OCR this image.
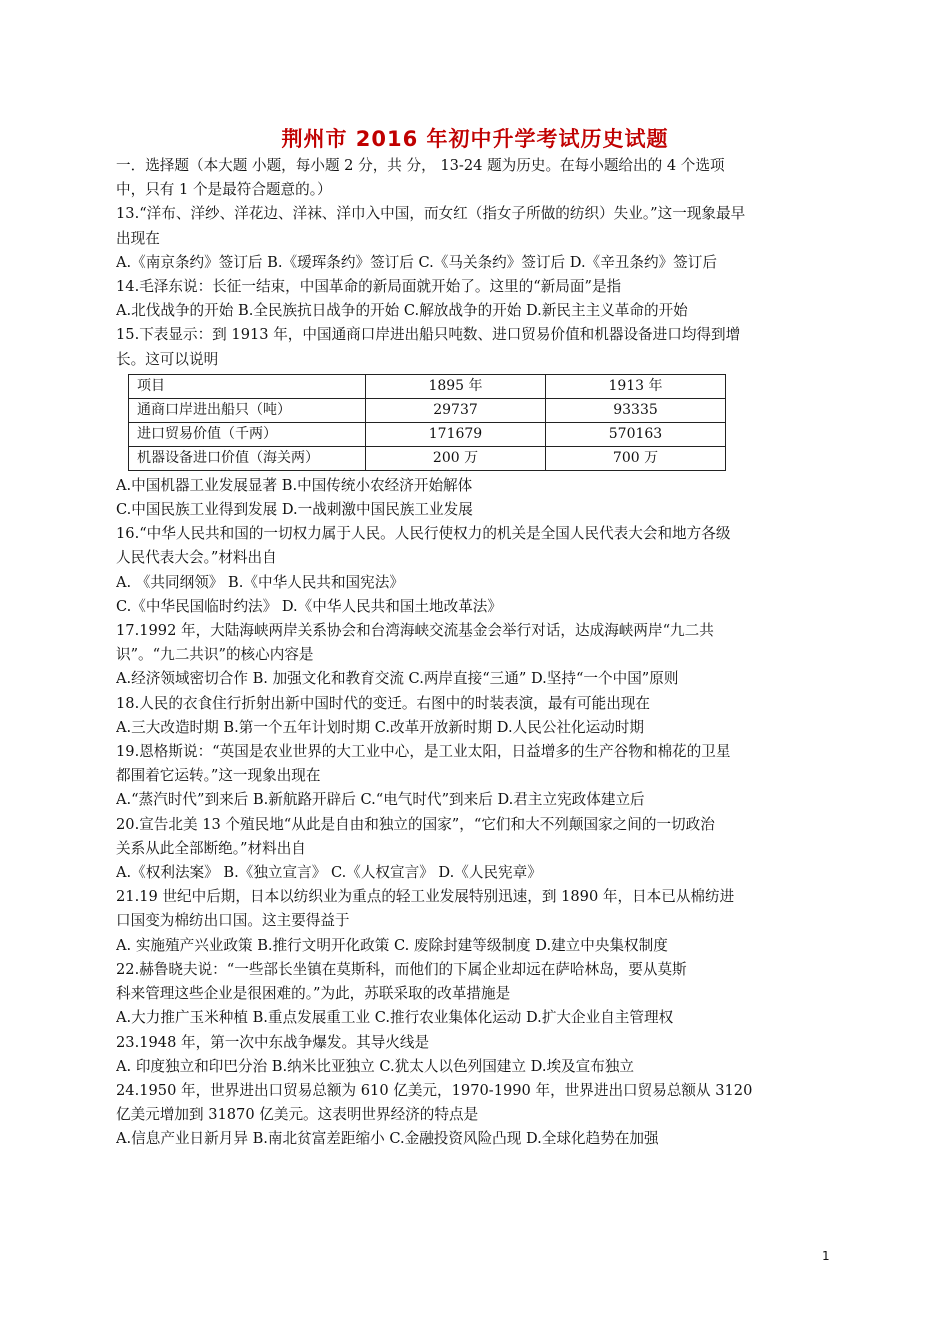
荆州市 2016 年初中升学考试历史试题
一．选择题（本大题 小题，每小题 2 分，共 分， 13-24 题为历史。在每小题给出的 4 个选项
中，只有 1 个是最符合题意的。）
13.“洋布、洋纱、洋花边、洋袜、洋巾入中国，而女红（指女子所做的纺织）失业。”这一现象最早
出现在
A.《南京条约》签订后 B.《瑷珲条约》签订后 C.《马关条约》签订后 D.《辛丑条约》签订后
14.毛泽东说：长征一结束，中国革命的新局面就开始了。这里的“新局面”是指
A.北伐战争的开始 B.全民族抗日战争的开始 C.解放战争的开始 D.新民主主义革命的开始
15.下表显示：到 1913 年，中国通商口岸进出船只吨数、进口贸易价值和机器设备进口均得到增
长。这可以说明
项目	1895 年	1913 年
通商口岸进出船只（吨）	29737	93335
进口贸易价值（千两）	171679	570163
机器设备进口价值（海关两）	200 万	700 万
A.中国机器工业发展显著 B.中国传统小农经济开始解体
C.中国民族工业得到发展 D.一战刺激中国民族工业发展
16.“中华人民共和国的一切权力属于人民。人民行使权力的机关是全国人民代表大会和地方各级
人民代表大会。”材料出自
A. 《共同纲领》 B.《中华人民共和国宪法》
C.《中华民国临时约法》 D.《中华人民共和国土地改革法》
17.1992 年，大陆海峡两岸关系协会和台湾海峡交流基金会举行对话，达成海峡两岸“九二共
识”。“九二共识”的核心内容是
A.经济领域密切合作 B. 加强文化和教育交流 C.两岸直接“三通” D.坚持“一个中国”原则
18.人民的衣食住行折射出新中国时代的变迁。右图中的时装表演，最有可能出现在
A.三大改造时期 B.第一个五年计划时期 C.改革开放新时期 D.人民公社化运动时期
19.恩格斯说：“英国是农业世界的大工业中心，是工业太阳，日益增多的生产谷物和棉花的卫星
都围着它运转。”这一现象出现在
A.“蒸汽时代”到来后 B.新航路开辟后 C.“电气时代”到来后 D.君主立宪政体建立后
20.宣告北美 13 个殖民地“从此是自由和独立的国家”，“它们和大不列颠国家之间的一切政治
关系从此全部断绝。”材料出自
A.《权利法案》 B.《独立宣言》 C.《人权宣言》 D.《人民宪章》
21.19 世纪中后期，日本以纺织业为重点的轻工业发展特别迅速，到 1890 年，日本已从棉纺进
口国变为棉纺出口国。这主要得益于
A. 实施殖产兴业政策 B.推行文明开化政策 C. 废除封建等级制度 D.建立中央集权制度
22.赫鲁晓夫说：“一些部长坐镇在莫斯科，而他们的下属企业却远在萨哈林岛，要从莫斯
科来管理这些企业是很困难的。”为此，苏联采取的改革措施是
A.大力推广玉米种植 B.重点发展重工业 C.推行农业集体化运动 D.扩大企业自主管理权
23.1948 年，第一次中东战争爆发。其导火线是
A. 印度独立和印巴分治 B.纳米比亚独立 C.犹太人以色列国建立 D.埃及宣布独立
24.1950 年，世界进出口贸易总额为 610 亿美元，1970-1990 年，世界进出口贸易总额从 3120
亿美元增加到 31870 亿美元。这表明世界经济的特点是
A.信息产业日新月异 B.南北贫富差距缩小 C.金融投资风险凸现 D.全球化趋势在加强
1
